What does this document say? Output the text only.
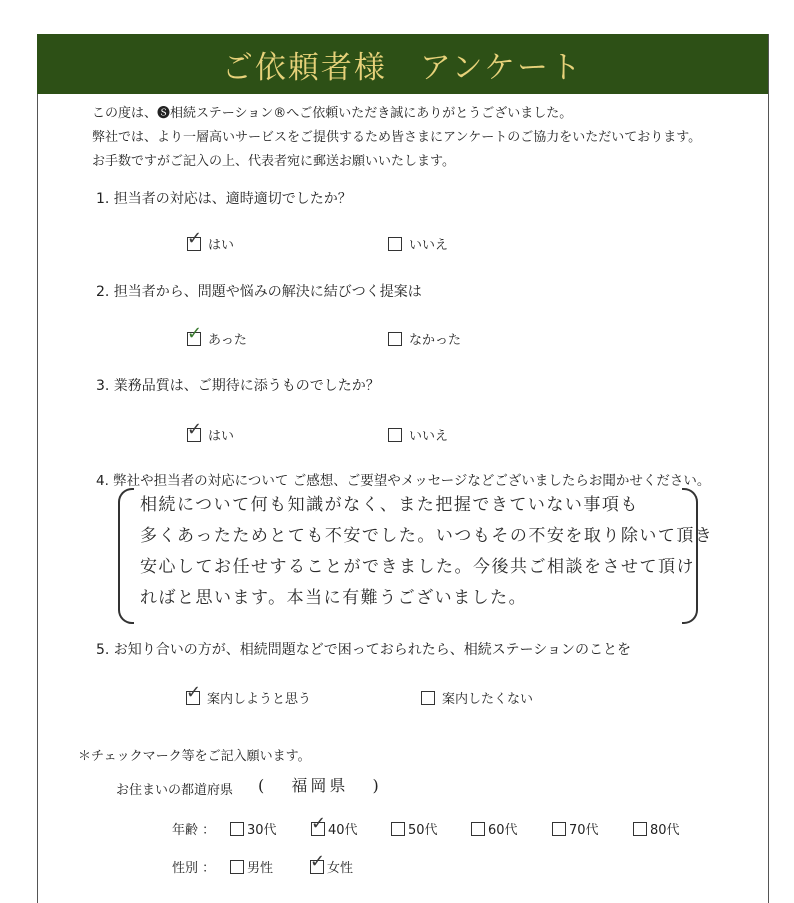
ご依頼者様　アンケート
この度は、🅢相続ステーション®へご依頼いただき誠にありがとうございました。
弊社では、より一層高いサービスをご提供するため皆さまにアンケートのご協力をいただいております。
お手数ですがご記入の上、代表者宛に郵送お願いいたします。
1. 担当者の対応は、適時適切でしたか？
✓
はい	いいえ
2. 担当者から、問題や悩みの解決に結びつく提案は
✓
あった	なかった
3. 業務品質は、ご期待に添うものでしたか？
✓
はい	いいえ
4. 弊社や担当者の対応について ご感想、ご要望やメッセージなどございましたらお聞かせください。
相続について何も知識がなく、また把握できていない事項も
多くあったためとても不安でした。いつもその不安を取り除いて頂き
安心してお任せすることができました。今後共ご相談をさせて頂け
ればと思います。本当に有難うございました。
5. お知り合いの方が、相続問題などで困っておられたら、相続ステーションのことを
✓
案内しようと思う	案内したくない
＊チェックマーク等をご記入願います。
お住まいの都道府県 ( 福岡県 )
年齢 ： 30代 ✓	40代	50代	60代	70代	80代
性別 ： 男性 ✓	女性
